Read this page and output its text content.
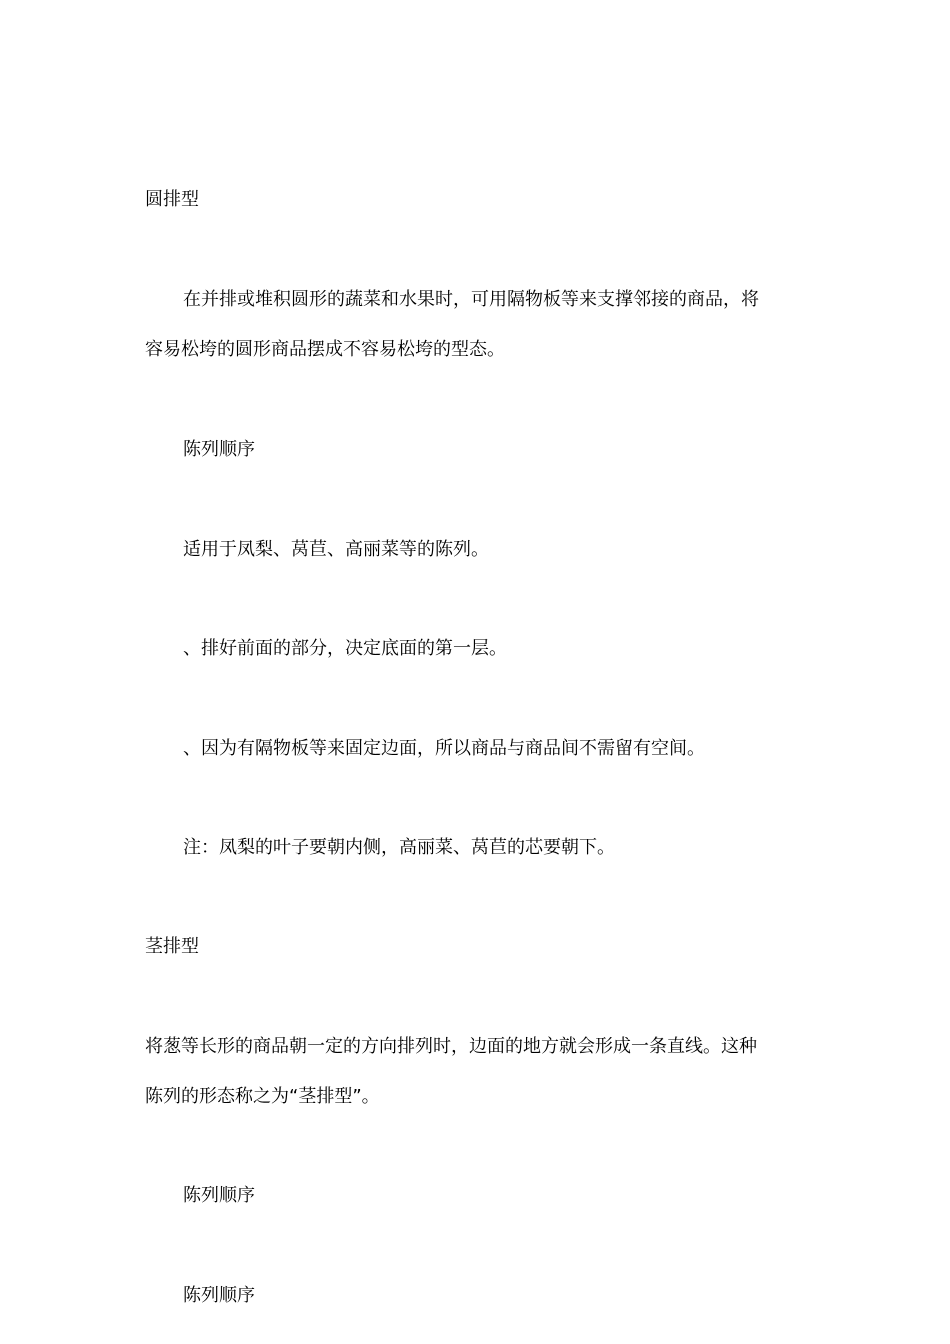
圆排型

在并排或堆积圆形的蔬菜和水果时，可用隔物板等来支撑邻接的商品，将

容易松垮的圆形商品摆成不容易松垮的型态。

陈列顺序

适用于凤梨、莴苣、高丽菜等的陈列。

、排好前面的部分，决定底面的第一层。

、因为有隔物板等来固定边面，所以商品与商品间不需留有空间。

注：凤梨的叶子要朝内侧，高丽菜、莴苣的芯要朝下。

茎排型

将葱等长形的商品朝一定的方向排列时，边面的地方就会形成一条直线。这种

陈列的形态称之为“茎排型”。

陈列顺序

陈列顺序
